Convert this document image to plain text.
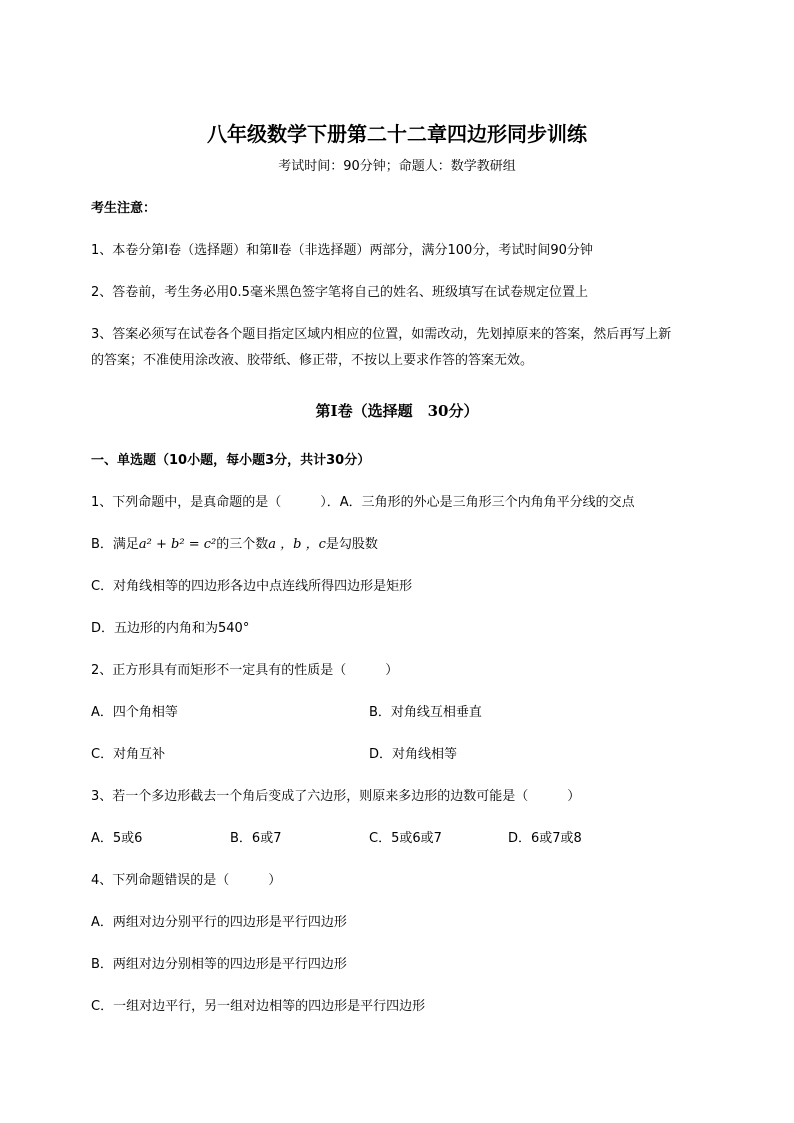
八年级数学下册第二十二章四边形同步训练
考试时间：90分钟；命题人：数学教研组
考生注意：
1、本卷分第I卷（选择题）和第Ⅱ卷（非选择题）两部分，满分100分，考试时间90分钟
2、答卷前，考生务必用0.5毫米黑色签字笔将自己的姓名、班级填写在试卷规定位置上
3、答案必须写在试卷各个题目指定区域内相应的位置，如需改动，先划掉原来的答案，然后再写上新
的答案；不准使用涂改液、胶带纸、修正带，不按以上要求作答的答案无效。
第I卷（选择题　30分）
一、单选题（10小题，每小题3分，共计30分）
1、下列命题中，是真命题的是（　　　）．A．三角形的外心是三角形三个内角角平分线的交点
B．满足a² + b² = c²的三个数a ，b ，c是勾股数
C．对角线相等的四边形各边中点连线所得四边形是矩形
D．五边形的内角和为540°
2、正方形具有而矩形不一定具有的性质是（　　　）
A．四个角相等	B．对角线互相垂直
C．对角互补	D．对角线相等
3、若一个多边形截去一个角后变成了六边形，则原来多边形的边数可能是（　　　）
A．5或6	B．6或7	C．5或6或7	D．6或7或8
4、下列命题错误的是（　　　）
A．两组对边分别平行的四边形是平行四边形
B．两组对边分别相等的四边形是平行四边形
C．一组对边平行，另一组对边相等的四边形是平行四边形
